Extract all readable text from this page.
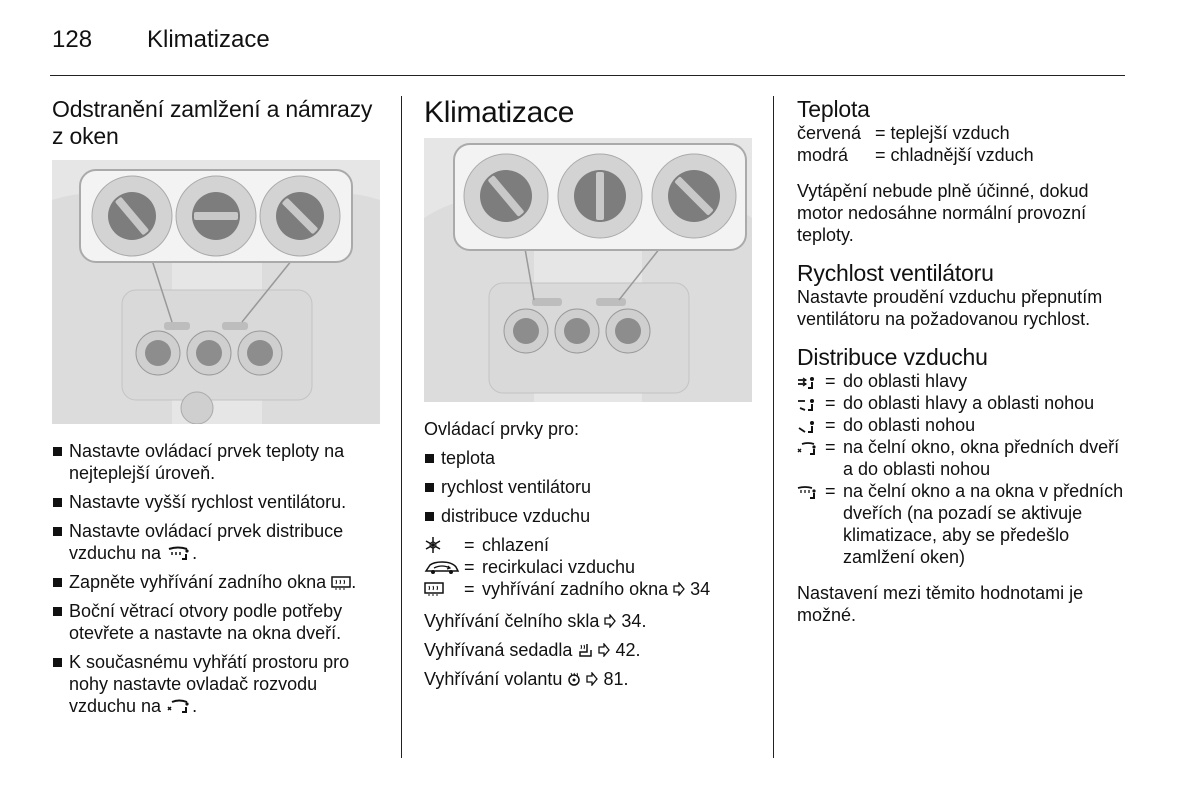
128 Klimatizace
Odstranění zamlžení a námrazy z oken
Nastavte ovládací prvek teploty na nejteplejší úroveň.
Nastavte vyšší rychlost ventilátoru.
Nastavte ovládací prvek distribuce vzduchu na .
Zapněte vyhřívání zadního okna .
Boční větrací otvory podle potřeby otevřete a nastavte na okna dveří.
K současnému vyhřátí prostoru pro nohy nastavte ovladač rozvodu vzduchu na .
Klimatizace
Ovládací prvky pro:
teplota
rychlost ventilátoru
distribuce vzduchu
= chlazení
= recirkulaci vzduchu
= vyhřívání zadního okna 34
Vyhřívání čelního skla 34.
Vyhřívaná sedadla
42.
Vyhřívání volantu
81.
Teplota
červená = teplejší vzduch
modrá	= chladnější vzduch
Vytápění nebude plně účinné, dokud motor nedosáhne normální provozní teploty.
Rychlost ventilátoru
Nastavte proudění vzduchu přepnutím ventilátoru na požadovanou rychlost.
Distribuce vzduchu
= do oblasti hlavy
= do oblasti hlavy a oblasti nohou
= do oblasti nohou
= na čelní okno, okna předních dveří a do oblasti nohou
= na čelní okno a na okna v předních dveřích (na pozadí se aktivuje klimatizace, aby se předešlo zamlžení oken)
Nastavení mezi těmito hodnotami je možné.
